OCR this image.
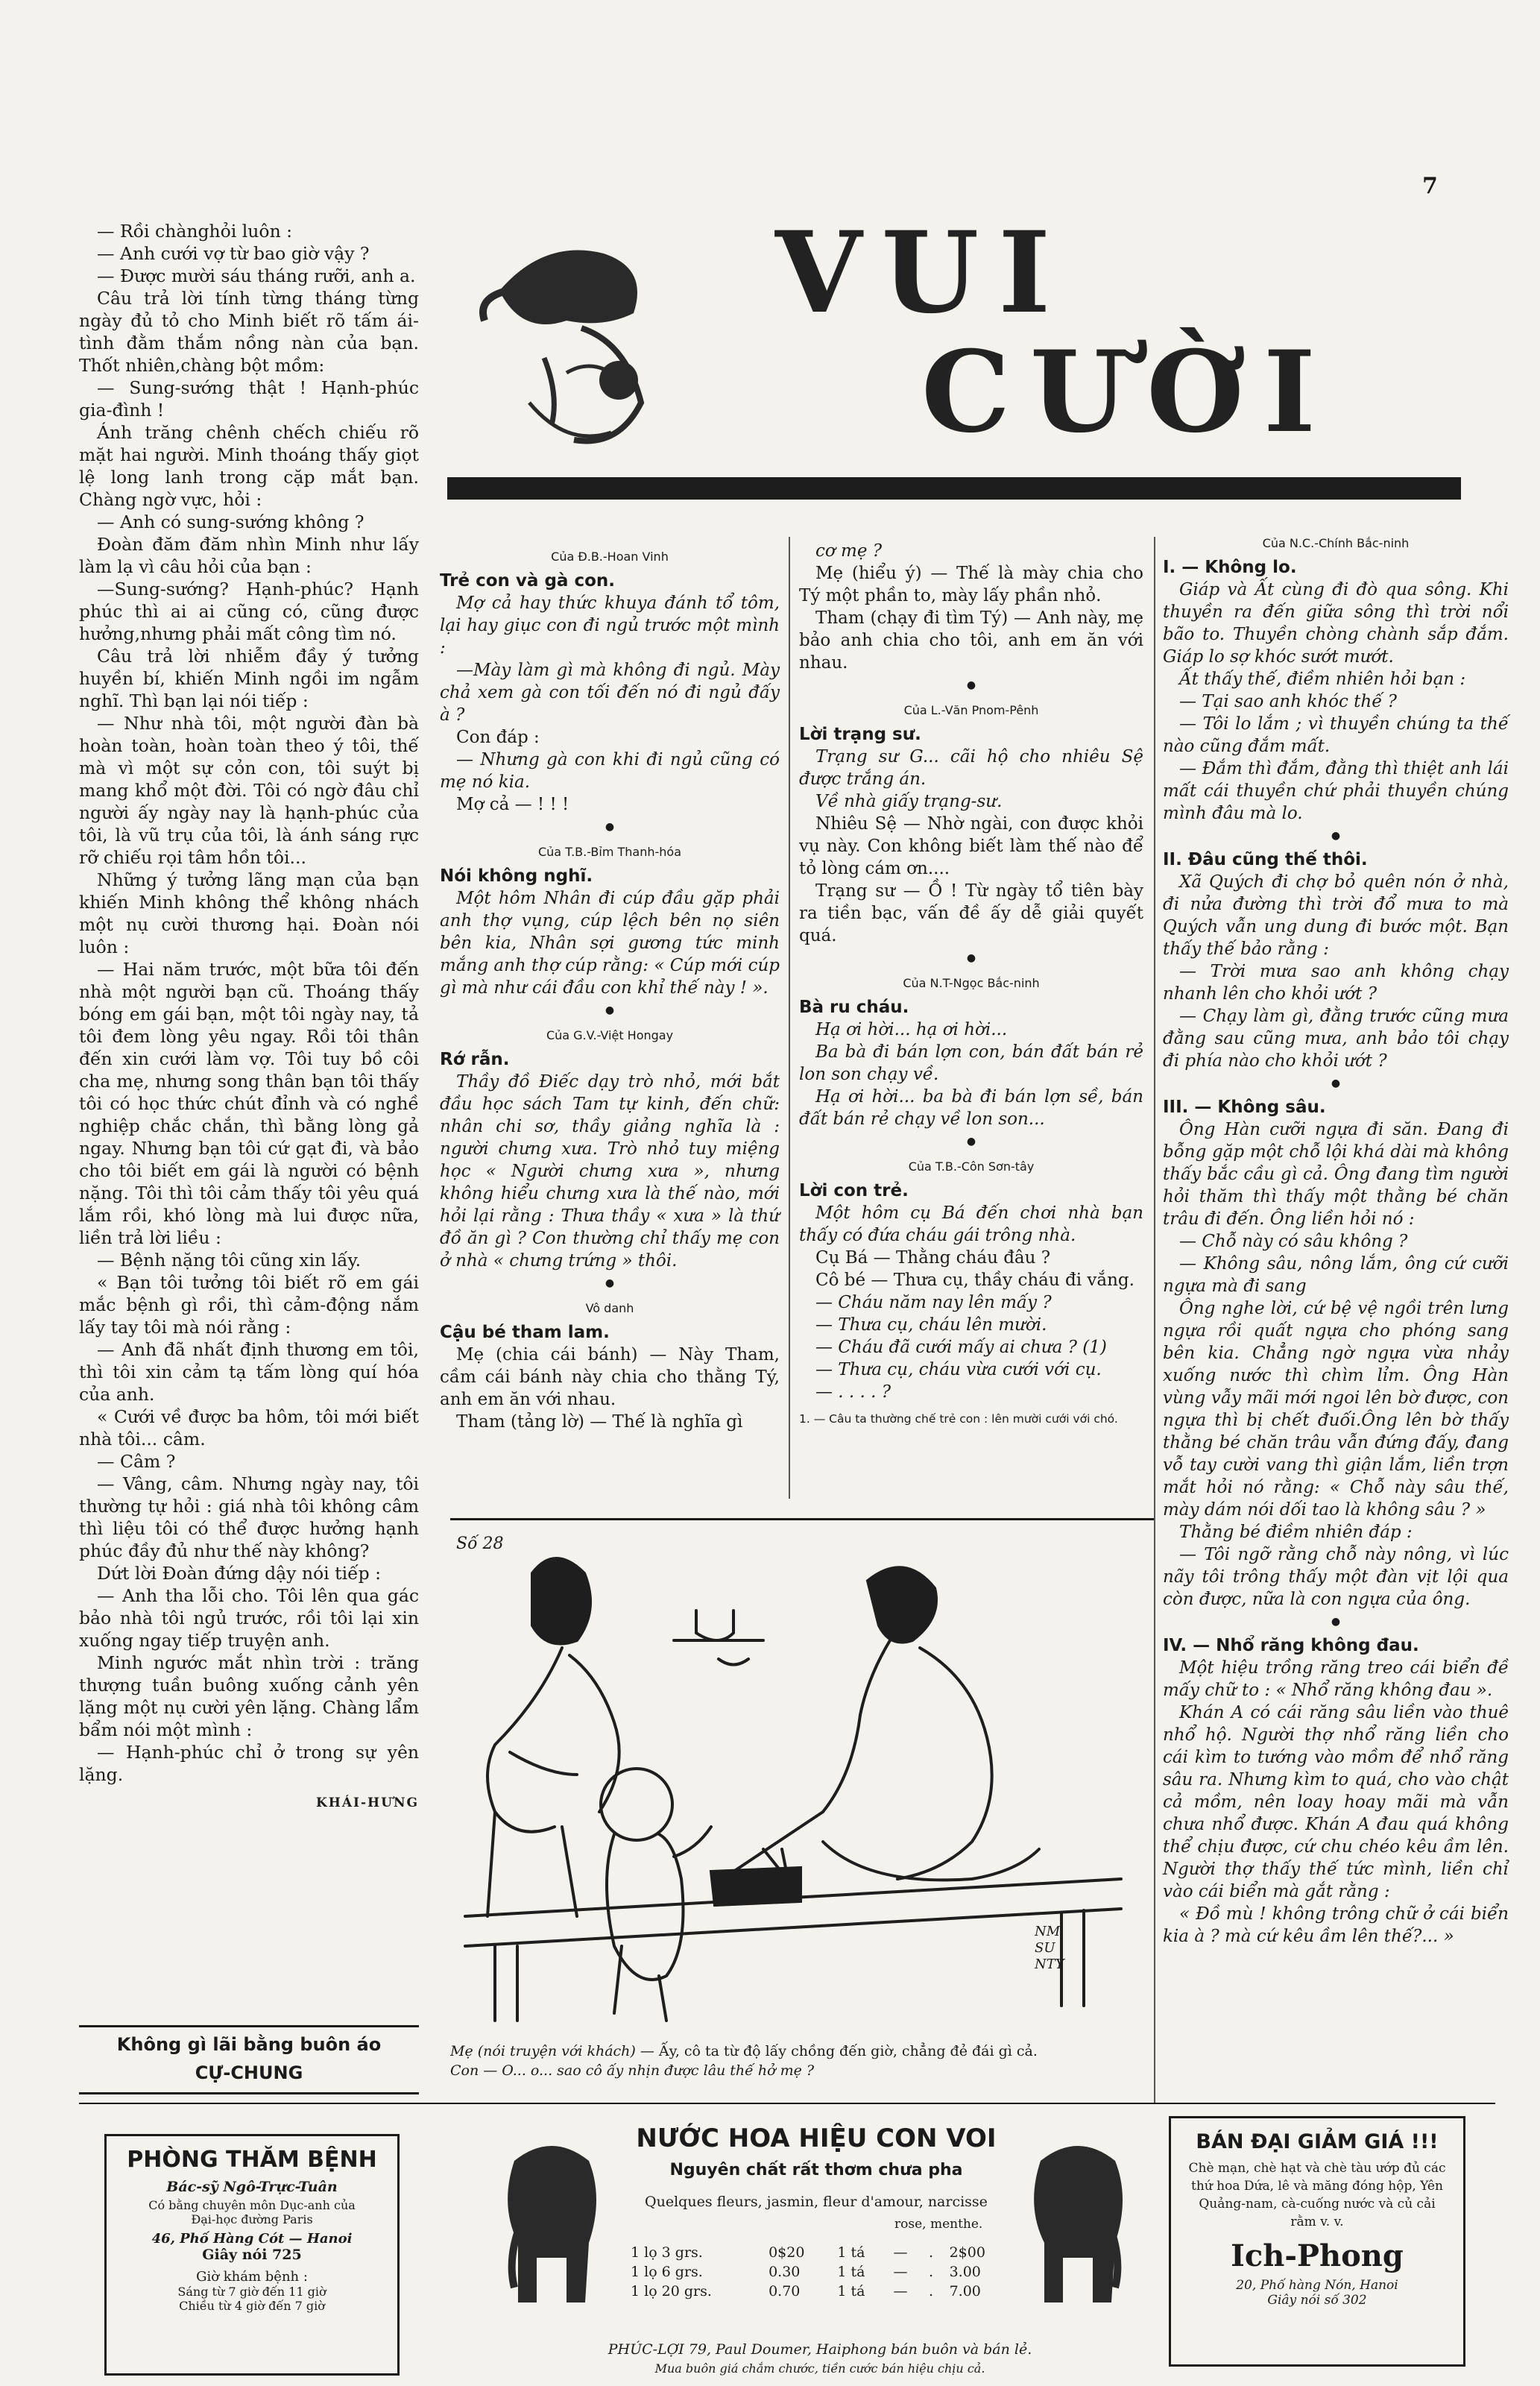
7

— Rồi chànghỏi luôn :

— Anh cưới vợ từ bao giờ vậy ?

— Được mười sáu tháng rưỡi, anh a.

Câu trả lời tính từng tháng từng ngày đủ tỏ cho Minh biết rõ tấm ái-tình đằm thắm nồng nàn của bạn. Thốt nhiên,chàng bột mồm:

— Sung-sướng thật ! Hạnh-phúc gia-đình !

Ánh trăng chênh chếch chiếu rõ mặt hai người. Minh thoáng thấy giọt lệ long lanh trong cặp mắt bạn. Chàng ngờ vực, hỏi :

— Anh có sung-sướng không ?

Đoàn đăm đăm nhìn Minh như lấy làm lạ vì câu hỏi của bạn :

—Sung-sướng? Hạnh-phúc? Hạnh phúc thì ai ai cũng có, cũng được hưởng,nhưng phải mất công tìm nó.

Câu trả lời nhiễm đầy ý tưởng huyền bí, khiến Minh ngồi im ngẫm nghĩ. Thì bạn lại nói tiếp :

— Như nhà tôi, một người đàn bà hoàn toàn, hoàn toàn theo ý tôi, thế mà vì một sự cỏn con, tôi suýt bị mang khổ một đời. Tôi có ngờ đâu chỉ người ấy ngày nay là hạnh-phúc của tôi, là vũ trụ của tôi, là ánh sáng rực rỡ chiếu rọi tâm hồn tôi...

Những ý tưởng lãng mạn của bạn khiến Minh không thể không nhách một nụ cười thương hại. Đoàn nói luôn :

— Hai năm trước, một bữa tôi đến nhà một người bạn cũ. Thoáng thấy bóng em gái bạn, một tôi ngày nay, tả tôi đem lòng yêu ngay. Rồi tôi thân đến xin cưới làm vợ. Tôi tuy bồ côi cha mẹ, nhưng song thân bạn tôi thấy tôi có học thức chút đỉnh và có nghề nghiệp chắc chắn, thì bằng lòng gả ngay. Nhưng bạn tôi cứ gạt đi, và bảo cho tôi biết em gái là người có bệnh nặng. Tôi thì tôi cảm thấy tôi yêu quá lắm rồi, khó lòng mà lui được nữa, liền trả lời liều :

— Bệnh nặng tôi cũng xin lấy.

« Bạn tôi tưởng tôi biết rõ em gái mắc bệnh gì rồi, thì cảm-động nắm lấy tay tôi mà nói rằng :

— Anh đã nhất định thương em tôi, thì tôi xin cảm tạ tấm lòng quí hóa của anh.

« Cưới về được ba hôm, tôi mới biết nhà tôi... câm.

— Câm ?

— Vâng, câm. Nhưng ngày nay, tôi thường tự hỏi : giá nhà tôi không câm thì liệu tôi có thể được hưởng hạnh phúc đầy đủ như thế này không?

Dứt lời Đoàn đứng dậy nói tiếp :

— Anh tha lỗi cho. Tôi lên qua gác bảo nhà tôi ngủ trước, rồi tôi lại xin xuống ngay tiếp truyện anh.

Minh ngước mắt nhìn trời : trăng thượng tuần buông xuống cảnh yên lặng một nụ cười yên lặng. Chàng lẩm bẩm nói một mình :

— Hạnh-phúc chỉ ở trong sự yên lặng.

KHÁI-HƯNG

Không gì lãi bằng buôn áo
CỰ-CHUNG
VUI
CƯỜI

Của Đ.B.-Hoan Vinh

Trẻ con và gà con.

Mợ cả hay thức khuya đánh tổ tôm, lại hay giục con đi ngủ trước một mình :

—Mày làm gì mà không đi ngủ. Mày chả xem gà con tối đến nó đi ngủ đấy à ?

Con đáp :

— Nhưng gà con khi đi ngủ cũng có mẹ nó kia.

Mợ cả — ! ! !

●

Của T.B.-Bỉm Thanh-hóa

Nói không nghĩ.

Một hôm Nhân đi cúp đầu gặp phải anh thợ vụng, cúp lệch bên nọ siên bên kia, Nhân sợi gương tức minh mắng anh thợ cúp rằng: « Cúp mới cúp gì mà như cái đầu con khỉ thế này ! ».

●

Của G.V.-Việt Hongay

Rớ rẫn.

Thầy đồ Điếc dạy trò nhỏ, mới bắt đầu học sách Tam tự kinh, đến chữ: nhân chi sơ, thầy giảng nghĩa là : người chưng xưa. Trò nhỏ tuy miệng học « Người chưng xưa », nhưng không hiểu chưng xưa là thế nào, mới hỏi lại rằng : Thưa thầy « xưa » là thứ đồ ăn gì ? Con thường chỉ thấy mẹ con ở nhà « chưng trứng » thôi.

●

Vô danh

Cậu bé tham lam.

Mẹ (chia cái bánh) — Này Tham, cầm cái bánh này chia cho thằng Tý, anh em ăn với nhau.

Tham (tảng lờ) — Thế là nghĩa gì

cơ mẹ ?

Mẹ (hiểu ý) — Thế là mày chia cho Tý một phần to, mày lấy phần nhỏ.

Tham (chạy đi tìm Tý) — Anh này, mẹ bảo anh chia cho tôi, anh em ăn với nhau.

●

Của L.-Văn Pnom-Pênh

Lời trạng sư.

Trạng sư G... cãi hộ cho nhiêu Sệ được trắng án.

Về nhà giấy trạng-sư.

Nhiêu Sệ — Nhờ ngài, con được khỏi vụ này. Con không biết làm thế nào để tỏ lòng cám ơn....

Trạng sư — Ồ ! Từ ngày tổ tiên bày ra tiền bạc, vấn đề ấy dễ giải quyết quá.

●

Của N.T-Ngọc Bắc-ninh

Bà ru cháu.

Hạ ơi hời... hạ ơi hời...

Ba bà đi bán lợn con, bán đất bán rẻ lon son chạy về.

Hạ ơi hời... ba bà đi bán lợn sề, bán đất bán rẻ chạy về lon son...

●

Của T.B.-Côn Sơn-tây

Lời con trẻ.

Một hôm cụ Bá đến chơi nhà bạn thấy có đứa cháu gái trông nhà.

Cụ Bá — Thằng cháu đâu ?

Cô bé — Thưa cụ, thầy cháu đi vắng.

— Cháu năm nay lên mấy ?

— Thưa cụ, cháu lên mười.

— Cháu đã cưới mấy ai chưa ? (1)

— Thưa cụ, cháu vừa cưới với cụ.

— . . . . ?

1. — Câu ta thường chế trẻ con : lên mười cưới với chó.

Của N.C.-Chính Bắc-ninh

I. — Không lo.

Giáp và Ất cùng đi đò qua sông. Khi thuyền ra đến giữa sông thì trời nổi bão to. Thuyền chòng chành sắp đắm. Giáp lo sợ khóc sướt mướt.

Ất thấy thế, điềm nhiên hỏi bạn :

— Tại sao anh khóc thế ?

— Tôi lo lắm ; vì thuyền chúng ta thế nào cũng đắm mất.

— Đắm thì đắm, đằng thì thiệt anh lái mất cái thuyền chứ phải thuyền chúng mình đâu mà lo.

●

II. Đâu cũng thế thôi.

Xã Quých đi chợ bỏ quên nón ở nhà, đi nửa đường thì trời đổ mưa to mà Quých vẫn ung dung đi bước một. Bạn thấy thế bảo rằng :

— Trời mưa sao anh không chạy nhanh lên cho khỏi ướt ?

— Chạy làm gì, đằng trước cũng mưa đằng sau cũng mưa, anh bảo tôi chạy đi phía nào cho khỏi ướt ?

●

III. — Không sâu.

Ông Hàn cưỡi ngựa đi săn. Đang đi bỗng gặp một chỗ lội khá dài mà không thấy bắc cầu gì cả. Ông đang tìm người hỏi thăm thì thấy một thằng bé chăn trâu đi đến. Ông liền hỏi nó :

— Chỗ này có sâu không ?

— Không sâu, nông lắm, ông cứ cưỡi ngựa mà đi sang

Ông nghe lời, cứ bệ vệ ngồi trên lưng ngựa rồi quất ngựa cho phóng sang bên kia. Chẳng ngờ ngựa vừa nhảy xuống nước thì chìm lỉm. Ông Hàn vùng vẫy mãi mới ngoi lên bờ được, con ngựa thì bị chết đuối.Ông lên bờ thấy thằng bé chăn trâu vẫn đứng đấy, đang vỗ tay cười vang thì giận lắm, liền trợn mắt hỏi nó rằng: « Chỗ này sâu thế, mày dám nói dối tao là không sâu ? »

Thằng bé điềm nhiên đáp :

— Tôi ngỡ rằng chỗ này nông, vì lúc nãy tôi trông thấy một đàn vịt lội qua còn được, nữa là con ngựa của ông.

●

IV. — Nhổ răng không đau.

Một hiệu trồng răng treo cái biển đề mấy chữ to : « Nhổ răng không đau ».

Khán A có cái răng sâu liền vào thuê nhổ hộ. Người thợ nhổ răng liền cho cái kìm to tướng vào mồm để nhổ răng sâu ra. Nhưng kìm to quá, cho vào chật cả mồm, nên loay hoay mãi mà vẫn chưa nhổ được. Khán A đau quá không thể chịu được, cứ chu chéo kêu ầm lên. Người thợ thấy thế tức mình, liền chỉ vào cái biển mà gắt rằng :

« Đồ mù ! không trông chữ ở cái biển kia à ? mà cứ kêu ầm lên thế?... »

Số 28
NM SUNTY
Mẹ (nói truyện với khách) — Ấy, cô ta từ độ lấy chồng đến giờ, chẳng đẻ đái gì cả.
Con — O... o... sao cô ấy nhịn được lâu thế hở mẹ ?
PHÒNG THĂM BỆNH
Bác-sỹ Ngô-Trực-Tuân
Có bằng chuyên môn Dục-anh của
Đại-học đường Paris
46, Phố Hàng Cót — Hanoi
Giây nói 725
Giờ khám bệnh :
Sáng từ 7 giờ đến 11 giờ
Chiều từ 4 giờ đến 7 giờ
NƯỚC HOA HIỆU CON VOI
Nguyên chất rất thơm chưa pha
Quelques fleurs, jasmin, fleur d'amour, narcisse
rose, menthe.
1 lọ 3 grs.	0$20	1 tá	—	.	2$00
1 lọ 6 grs.	0.30	1 tá	—	.	3.00
1 lọ 20 grs.	0.70	1 tá	—	.	7.00
PHÚC-LỢI 79, Paul Doumer, Haiphong bán buôn và bán lẻ.
Mua buôn giá chắm chước, tiền cước bán hiệu chịu cả.
BÁN ĐẠI GIẢM GIÁ !!!
Chè mạn, chè hạt và chè tàu ướp đủ các thứ hoa Dứa, lê và măng đóng hộp, Yên Quảng-nam, cà-cuống nước và củ cải rằm v. v.
Ich-Phong
20, Phố hàng Nón, Hanoi
Giây nói số 302
